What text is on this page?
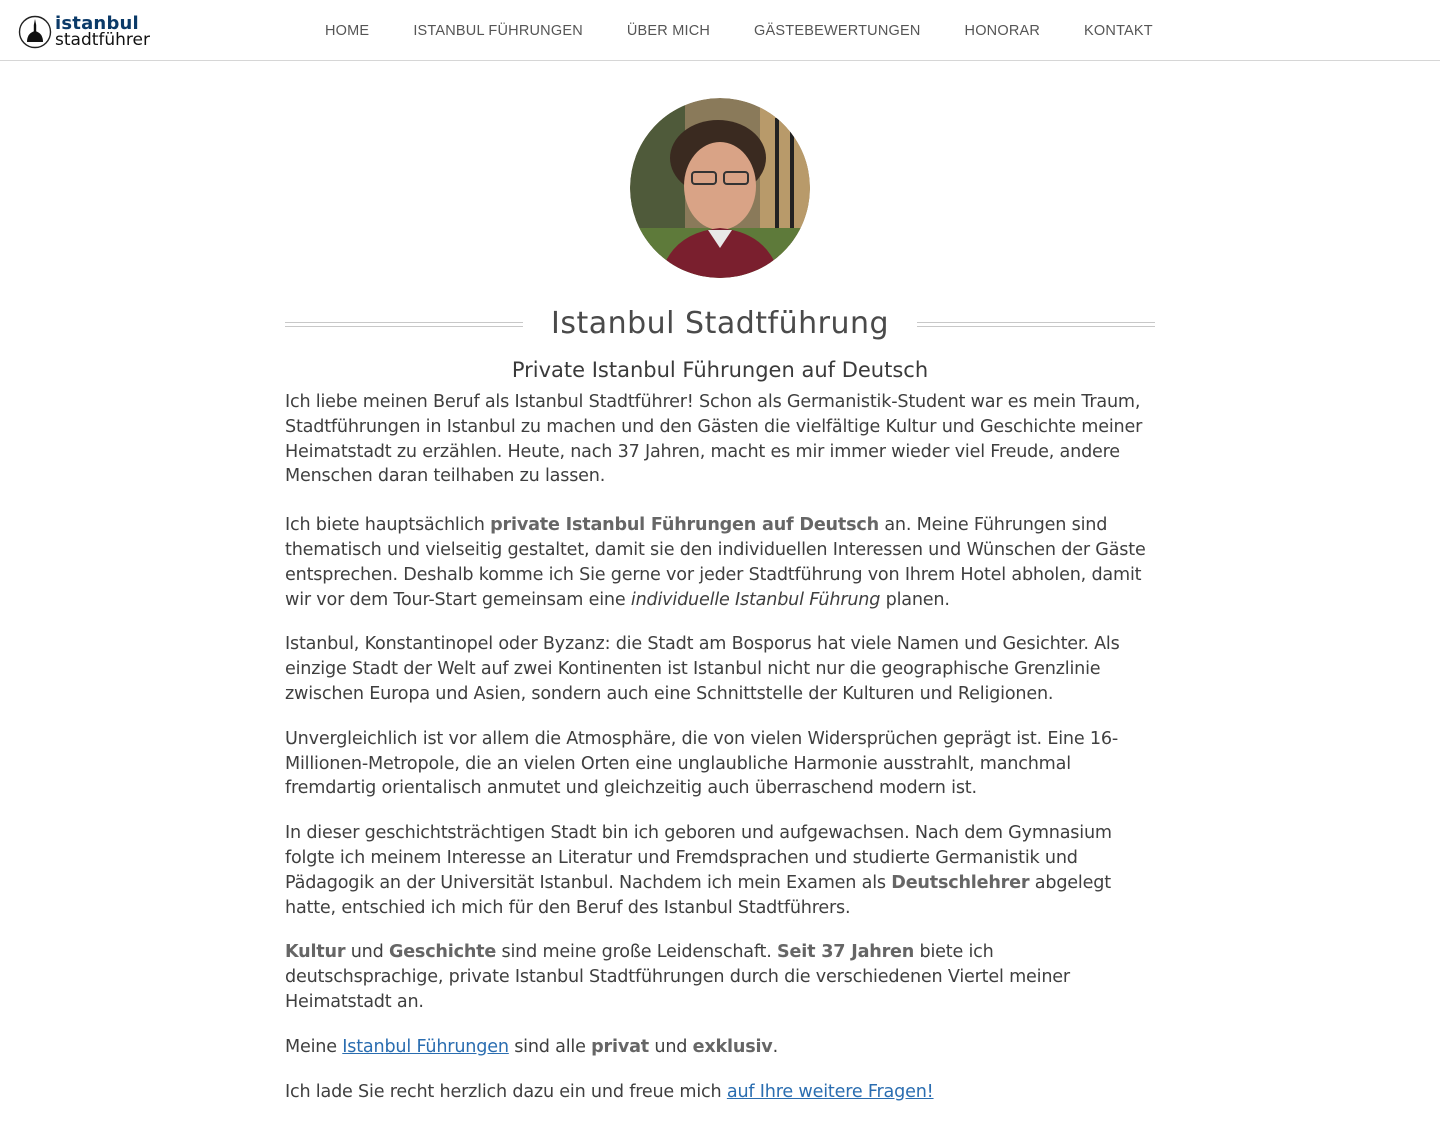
istanbul
stadtführer	HOME	ISTANBUL FÜHRUNGEN	ÜBER MICH	GÄSTEBEWERTUNGEN	HONORAR	KONTAKT
Istanbul Stadtführung
Private Istanbul Führungen auf Deutsch

Ich liebe meinen Beruf als Istanbul Stadtführer! Schon als Germanistik-Student war es mein Traum, Stadtführungen in Istanbul zu machen und den Gästen die vielfältige Kultur und Geschichte meiner Heimatstadt zu erzählen. Heute, nach 37 Jahren, macht es mir immer wieder viel Freude, andere Menschen daran teilhaben zu lassen.

Ich biete hauptsächlich private Istanbul Führungen auf Deutsch an. Meine Führungen sind thematisch und vielseitig gestaltet, damit sie den individuellen Interessen und Wünschen der Gäste entsprechen. Deshalb komme ich Sie gerne vor jeder Stadtführung von Ihrem Hotel abholen, damit wir vor dem Tour-Start gemeinsam eine individuelle Istanbul Führung planen.

Istanbul, Konstantinopel oder Byzanz: die Stadt am Bosporus hat viele Namen und Gesichter. Als einzige Stadt der Welt auf zwei Kontinenten ist Istanbul nicht nur die geographische Grenzlinie zwischen Europa und Asien, sondern auch eine Schnittstelle der Kulturen und Religionen.

Unvergleichlich ist vor allem die Atmosphäre, die von vielen Widersprüchen geprägt ist. Eine 16-Millionen-Metropole, die an vielen Orten eine unglaubliche Harmonie ausstrahlt, manchmal fremdartig orientalisch anmutet und gleichzeitig auch überraschend modern ist.

In dieser geschichtsträchtigen Stadt bin ich geboren und aufgewachsen. Nach dem Gymnasium folgte ich meinem Interesse an Literatur und Fremdsprachen und studierte Germanistik und Pädagogik an der Universität Istanbul. Nachdem ich mein Examen als Deutschlehrer abgelegt hatte, entschied ich mich für den Beruf des Istanbul Stadtführers.

Kultur und Geschichte sind meine große Leidenschaft. Seit 37 Jahren biete ich deutschsprachige, private Istanbul Stadtführungen durch die verschiedenen Viertel meiner Heimatstadt an.

Meine Istanbul Führungen sind alle privat und exklusiv.

Ich lade Sie recht herzlich dazu ein und freue mich auf Ihre weitere Fragen!
